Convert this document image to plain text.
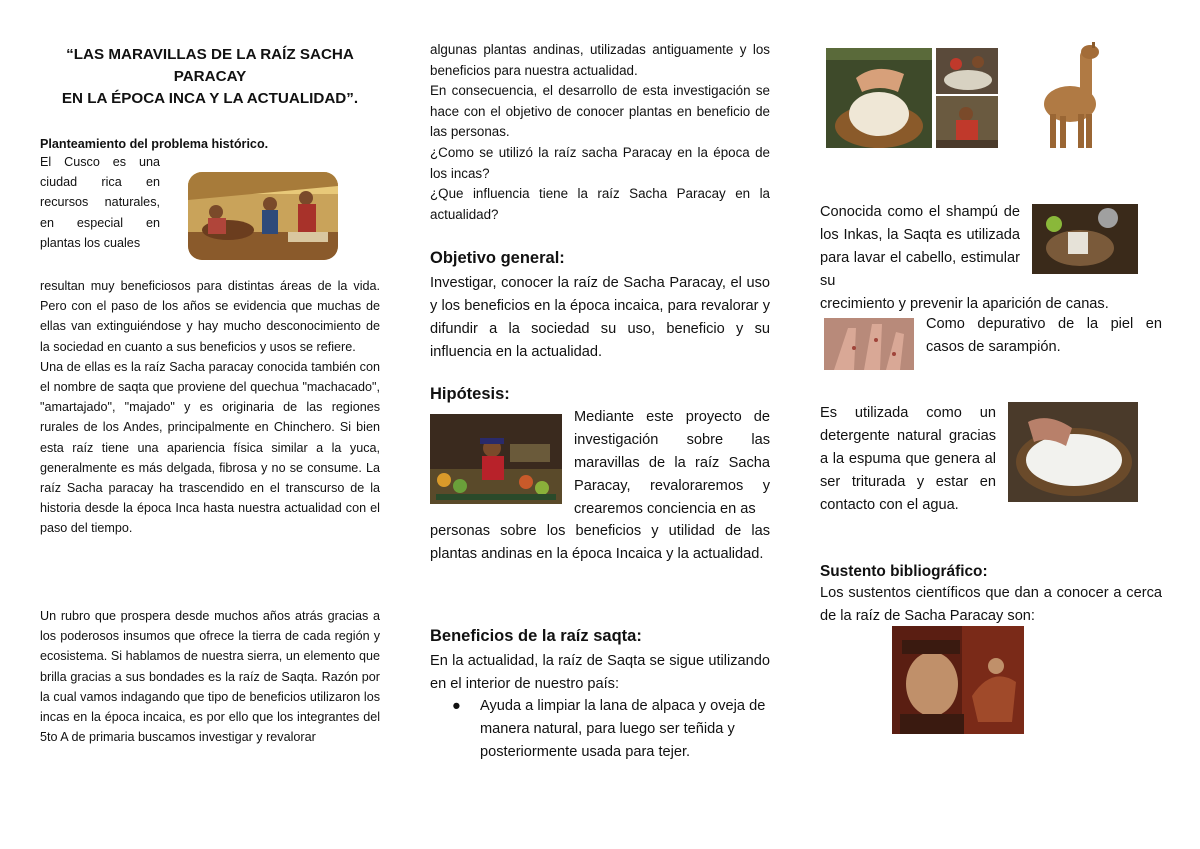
“LAS MARAVILLAS DE LA RAÍZ SACHA
PARACAY
EN LA ÉPOCA INCA Y LA ACTUALIDAD”.
Planteamiento del problema histórico.

El Cusco es una ciudad rica en recursos naturales, en especial en plantas los cuales

resultan muy beneficiosos para distintas áreas de la vida. Pero con el paso de los años se evidencia que muchas de ellas van extinguiéndose y hay mucho desconocimiento de la sociedad en cuanto a sus beneficios y usos se refiere.

Una de ellas es la raíz Sacha paracay conocida también con el nombre de saqta que proviene del quechua "machacado", "amartajado", "majado" y es originaria de las regiones rurales de los Andes, principalmente en Chinchero. Si bien esta raíz tiene una apariencia física similar a la yuca, generalmente es más delgada, fibrosa y no se consume. La raíz Sacha paracay ha trascendido en el transcurso de la historia desde la época Inca hasta nuestra actualidad con el paso del tiempo.

Un rubro que prospera desde muchos años atrás gracias a los poderosos insumos que ofrece la tierra de cada región y ecosistema. Si hablamos de nuestra sierra, un elemento que brilla gracias a sus bondades es la raíz de Saqta. Razón por la cual vamos indagando que tipo de beneficios utilizaron los incas en la época incaica, es por ello que los integrantes del 5to A de primaria buscamos investigar y revalorar

algunas plantas andinas, utilizadas antiguamente y los beneficios para nuestra actualidad.

En consecuencia, el desarrollo de esta investigación se hace con el objetivo de conocer plantas en beneficio de las personas.

¿Como se utilizó la raíz sacha Paracay en la época de los incas?

¿Que influencia tiene la raíz Sacha Paracay en la actualidad?

Objetivo general:

Investigar, conocer la raíz de Sacha Paracay, el uso y los beneficios en la época incaica, para revalorar y difundir a la sociedad su uso, beneficio y su influencia en la actualidad.

Hipótesis:

Mediante este proyecto de investigación sobre las maravillas de la raíz Sacha Paracay, revaloraremos y crearemos conciencia en as

personas sobre los beneficios y utilidad de las plantas andinas en la época Incaica y la actualidad.

Beneficios de la raíz saqta:

En la actualidad, la raíz de Saqta se sigue utilizando en el interior de nuestro país:

● Ayuda a limpiar la lana de alpaca y oveja de manera natural, para luego ser teñida y posteriormente usada para tejer.

Conocida como el shampú de los Inkas, la Saqta es utilizada para lavar el cabello, estimular su

crecimiento y prevenir la aparición de canas.

Como depurativo de la piel en casos de sarampión.

Es utilizada como un detergente natural gracias a la espuma que genera al ser triturada y estar en contacto con el agua.

Sustento bibliográfico:

Los sustentos científicos que dan a conocer a cerca de la raíz de Sacha Paracay son:
